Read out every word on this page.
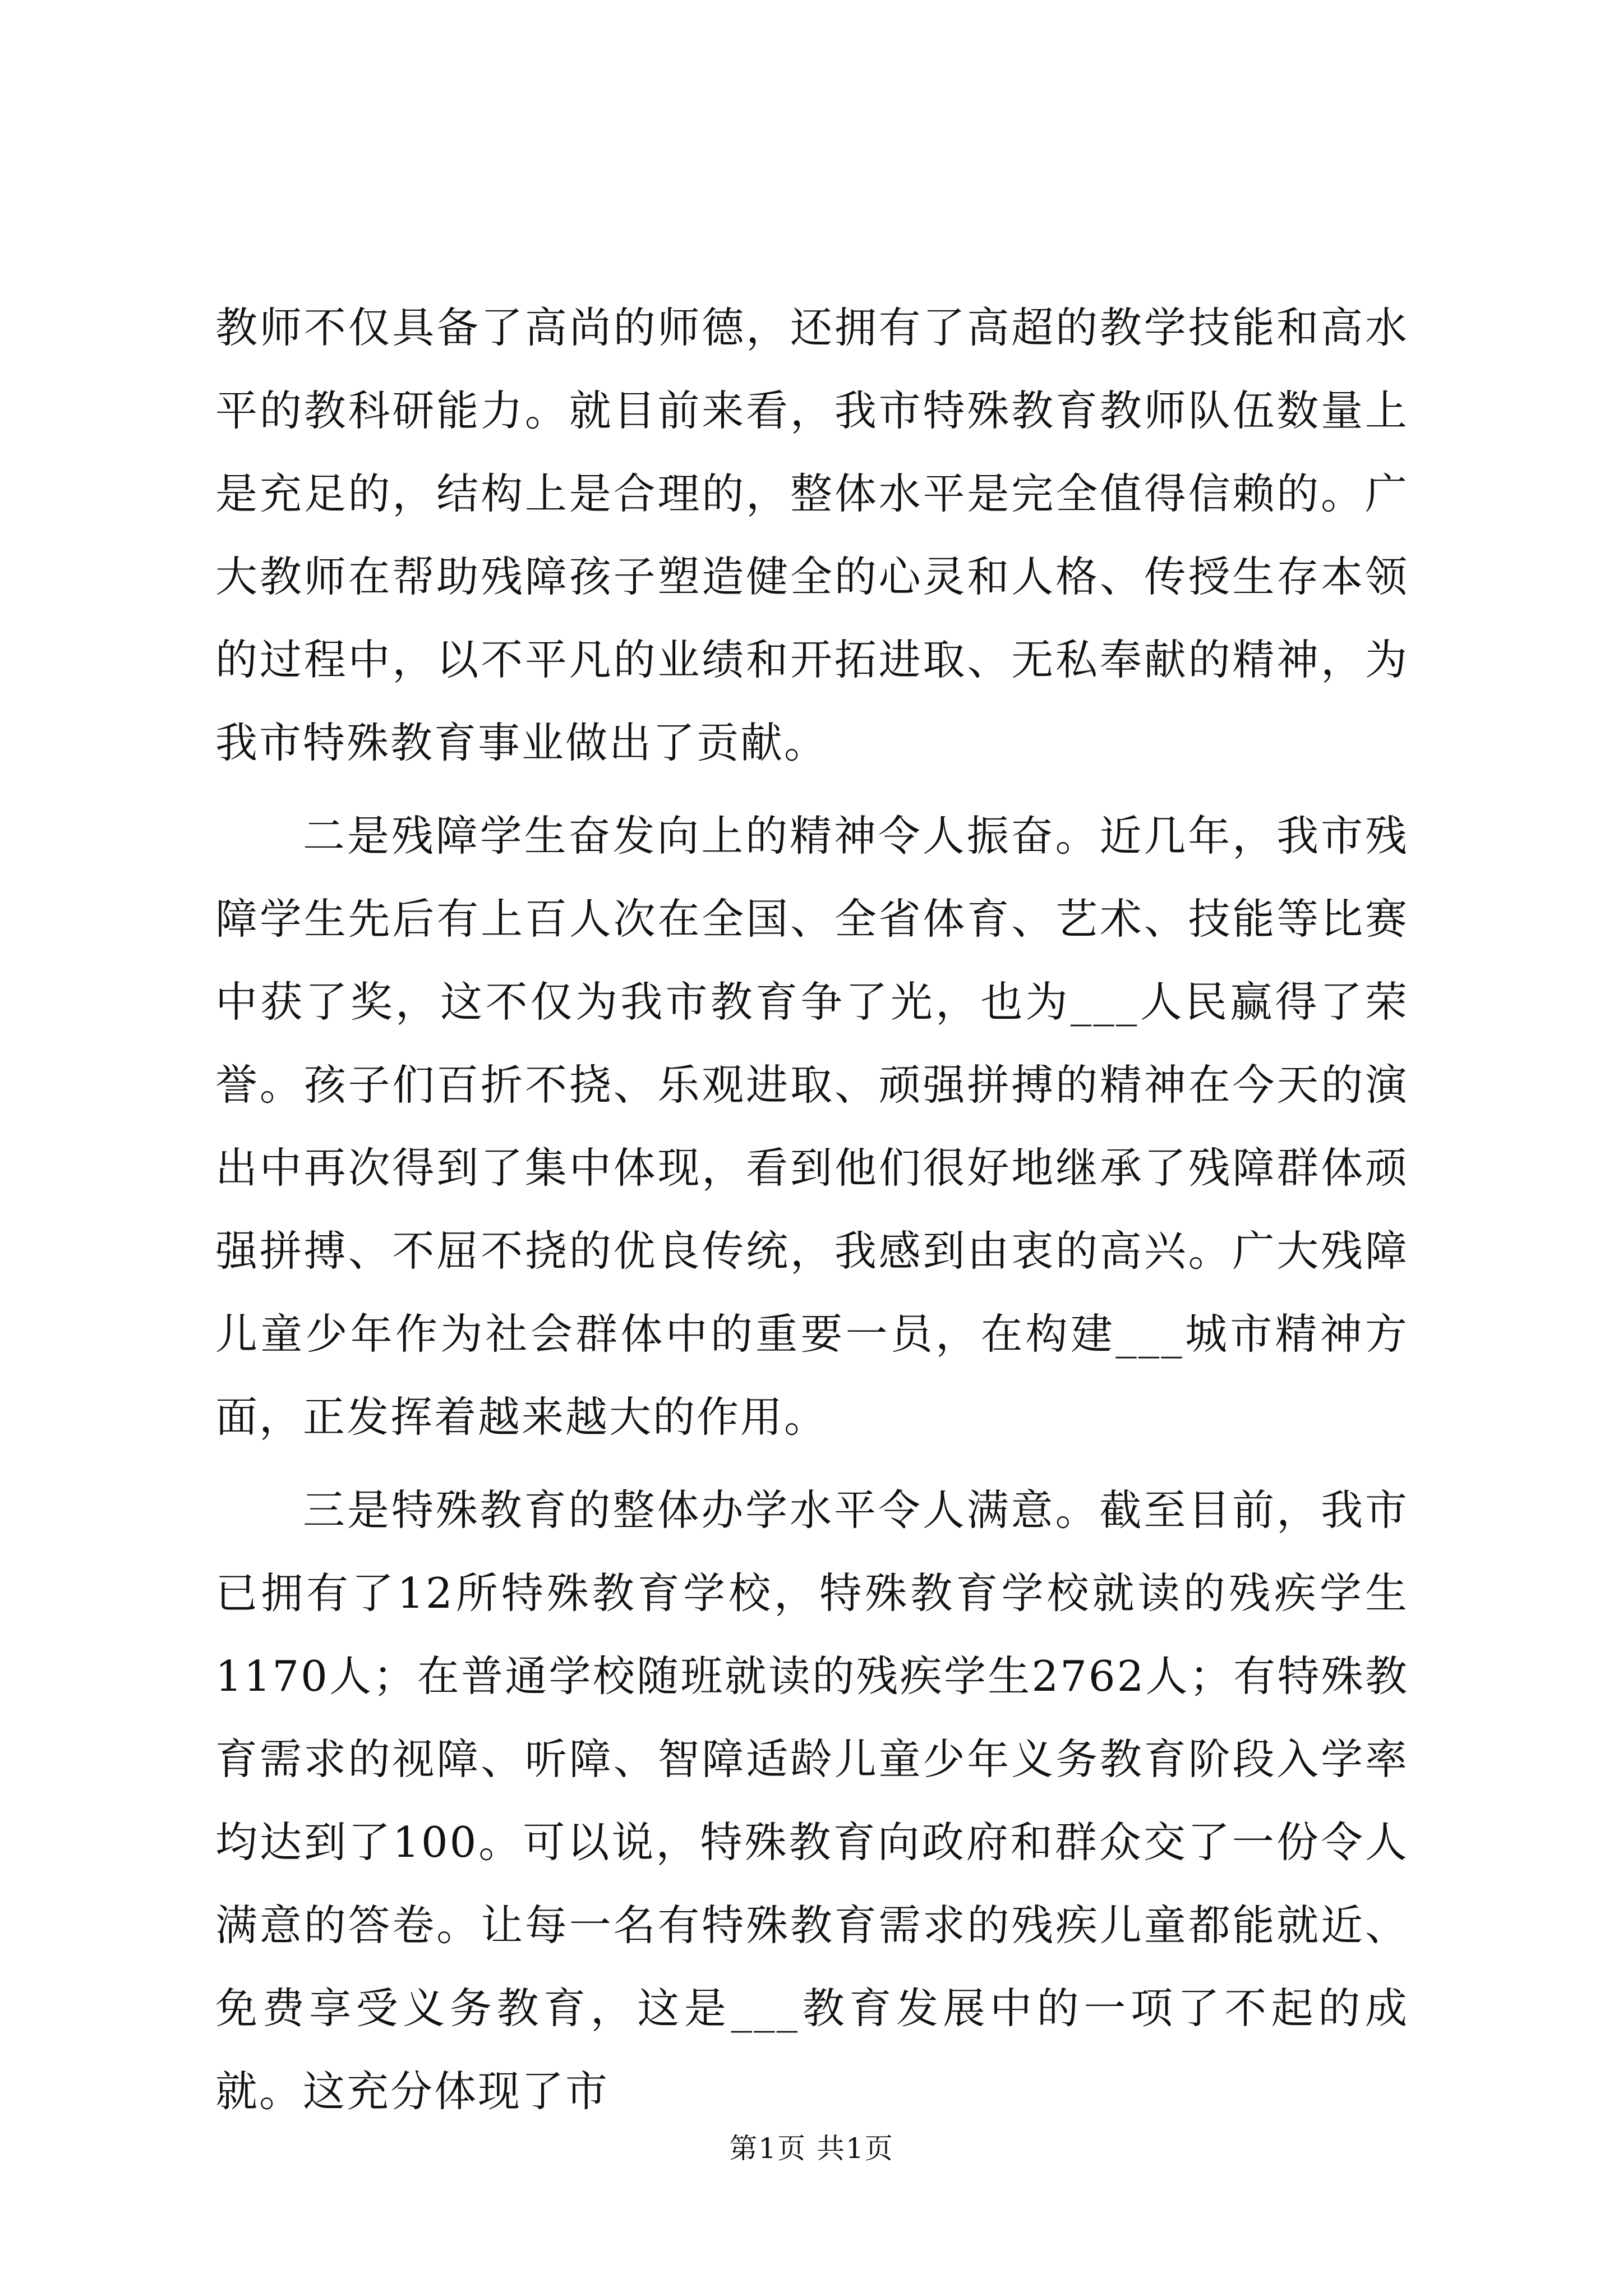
教师不仅具备了高尚的师德，还拥有了高超的教学技能和高水平的教科研能力。就目前来看，我市特殊教育教师队伍数量上是充足的，结构上是合理的，整体水平是完全值得信赖的。广大教师在帮助残障孩子塑造健全的心灵和人格、传授生存本领的过程中，以不平凡的业绩和开拓进取、无私奉献的精神，为我市特殊教育事业做出了贡献。

二是残障学生奋发向上的精神令人振奋。近几年，我市残障学生先后有上百人次在全国、全省体育、艺术、技能等比赛中获了奖，这不仅为我市教育争了光，也为___人民赢得了荣誉。孩子们百折不挠、乐观进取、顽强拼搏的精神在今天的演出中再次得到了集中体现，看到他们很好地继承了残障群体顽强拼搏、不屈不挠的优良传统，我感到由衷的高兴。广大残障儿童少年作为社会群体中的重要一员，在构建___城市精神方面，正发挥着越来越大的作用。

三是特殊教育的整体办学水平令人满意。截至目前，我市已拥有了12所特殊教育学校，特殊教育学校就读的残疾学生1170人；在普通学校随班就读的残疾学生2762人；有特殊教育需求的视障、听障、智障适龄儿童少年义务教育阶段入学率均达到了100。可以说，特殊教育向政府和群众交了一份令人满意的答卷。让每一名有特殊教育需求的残疾儿童都能就近、免费享受义务教育，这是___教育发展中的一项了不起的成就。这充分体现了市

第1页 共1页
